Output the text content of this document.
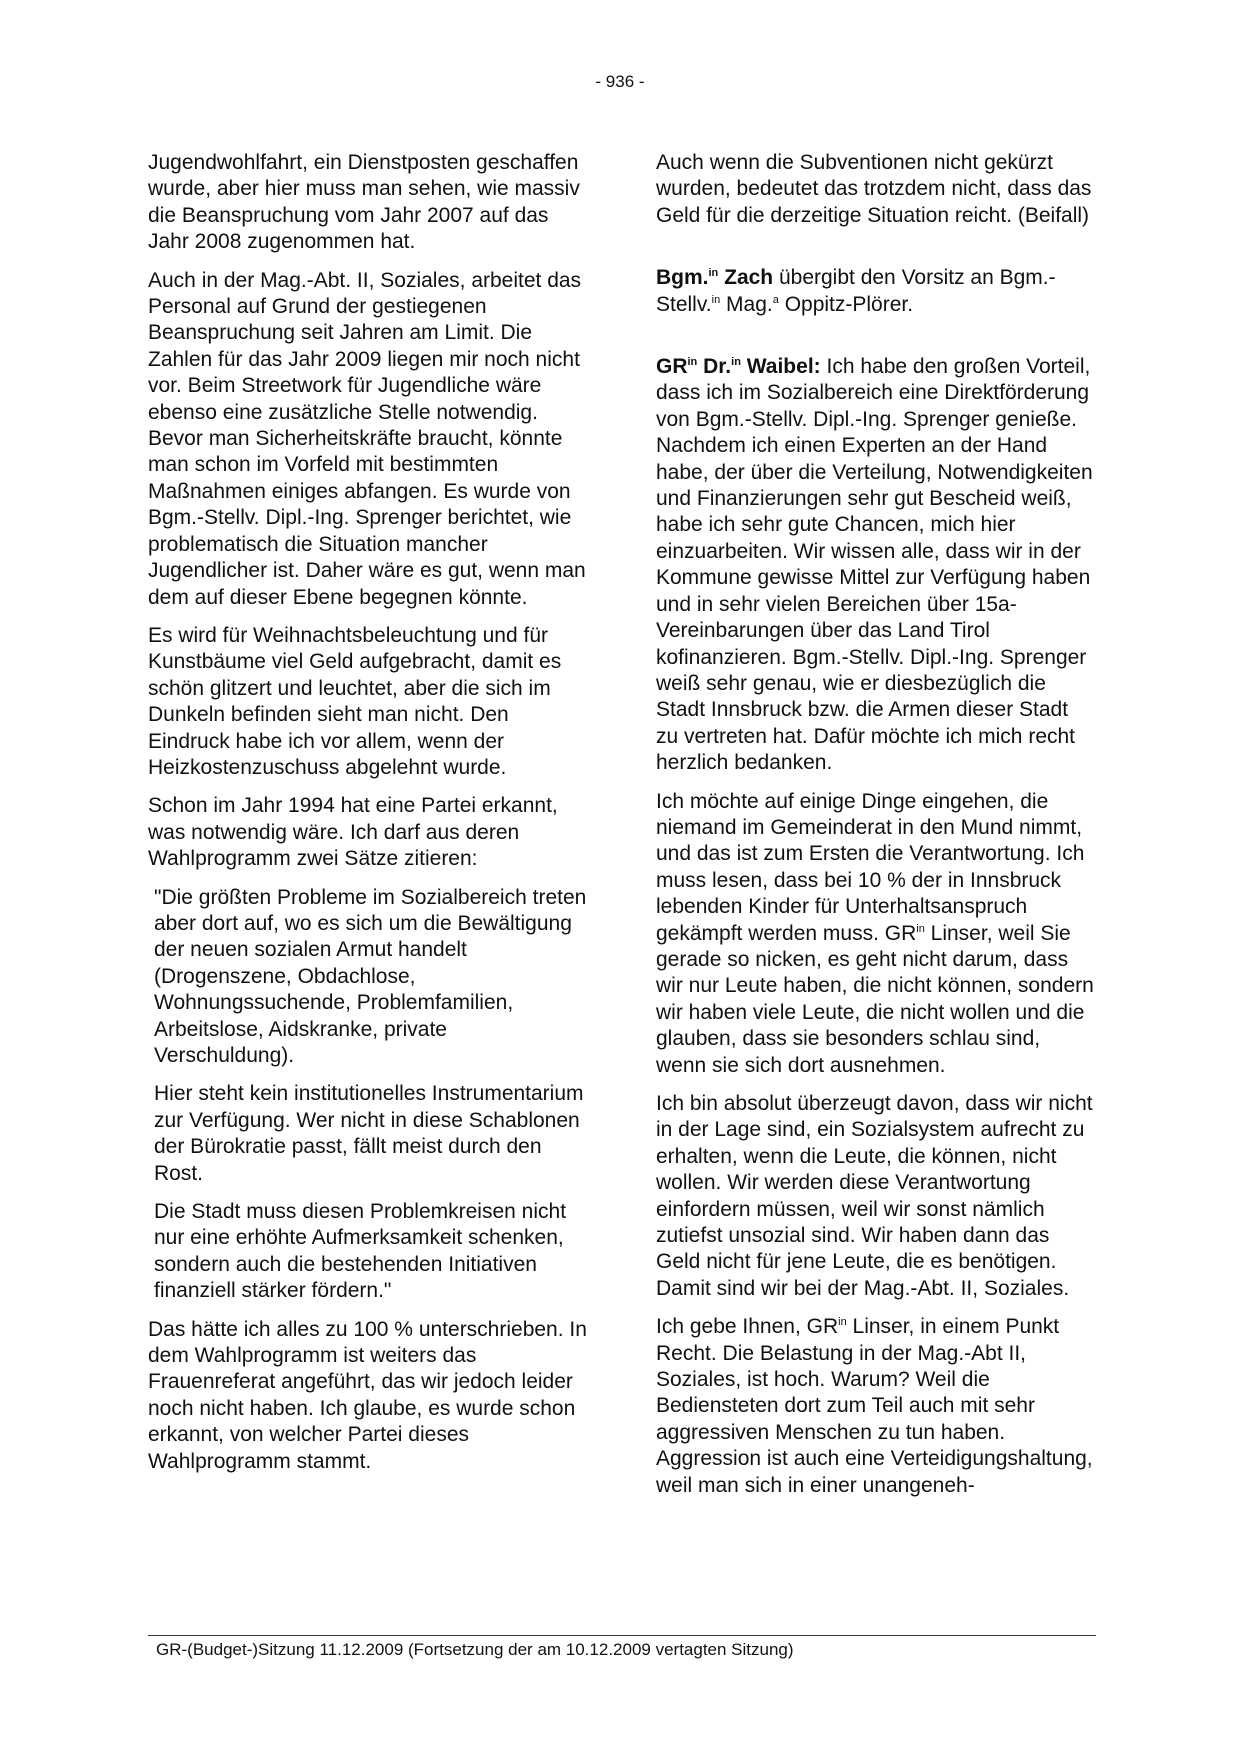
- 936 -

Jugendwohlfahrt, ein Dienstposten geschaffen wurde, aber hier muss man sehen, wie massiv die Beanspruchung vom Jahr 2007 auf das Jahr 2008 zugenommen hat.

Auch in der Mag.-Abt. II, Soziales, arbeitet das Personal auf Grund der gestiegenen Beanspruchung seit Jahren am Limit. Die Zahlen für das Jahr 2009 liegen mir noch nicht vor. Beim Streetwork für Jugendliche wäre ebenso eine zusätzliche Stelle notwendig. Bevor man Sicherheitskräfte braucht, könnte man schon im Vorfeld mit bestimmten Maßnahmen einiges abfangen. Es wurde von Bgm.-Stellv. Dipl.-Ing. Sprenger berichtet, wie problematisch die Situation mancher Jugendlicher ist. Daher wäre es gut, wenn man dem auf dieser Ebene begegnen könnte.

Es wird für Weihnachtsbeleuchtung und für Kunstbäume viel Geld aufgebracht, damit es schön glitzert und leuchtet, aber die sich im Dunkeln befinden sieht man nicht. Den Eindruck habe ich vor allem, wenn der Heizkostenzuschuss abgelehnt wurde.

Schon im Jahr 1994 hat eine Partei erkannt, was notwendig wäre. Ich darf aus deren Wahlprogramm zwei Sätze zitieren:

"Die größten Probleme im Sozialbereich treten aber dort auf, wo es sich um die Bewältigung der neuen sozialen Armut handelt (Drogenszene, Obdachlose, Wohnungssuchende, Problemfamilien, Arbeitslose, Aidskranke, private Verschuldung).

Hier steht kein institutionelles Instrumentarium zur Verfügung. Wer nicht in diese Schablonen der Bürokratie passt, fällt meist durch den Rost.

Die Stadt muss diesen Problemkreisen nicht nur eine erhöhte Aufmerksamkeit schenken, sondern auch die bestehenden Initiativen finanziell stärker fördern."

Das hätte ich alles zu 100 % unterschrieben. In dem Wahlprogramm ist weiters das Frauenreferat angeführt, das wir jedoch leider noch nicht haben. Ich glaube, es wurde schon erkannt, von welcher Partei dieses Wahlprogramm stammt.

Auch wenn die Subventionen nicht gekürzt wurden, bedeutet das trotzdem nicht, dass das Geld für die derzeitige Situation reicht. (Beifall)

Bgm.$^{in}$ Zach übergibt den Vorsitz an Bgm.-Stellv.$^{in}$ Mag.$^a$ Oppitz-Plörer.

$GR^{in}$ Dr.$^{in}$ Waibel: Ich habe den großen Vorteil, dass ich im Sozialbereich eine Direktförderung von Bgm.-Stellv. Dipl.-Ing. Sprenger genieße. Nachdem ich einen Experten an der Hand habe, der über die Verteilung, Notwendigkeiten und Finanzierungen sehr gut Bescheid weiß, habe ich sehr gute Chancen, mich hier einzuarbeiten. Wir wissen alle, dass wir in der Kommune gewisse Mittel zur Verfügung haben und in sehr vielen Bereichen über 15a-Vereinbarungen über das Land Tirol kofinanzieren. Bgm.-Stellv. Dipl.-Ing. Sprenger weiß sehr genau, wie er diesbezüglich die Stadt Innsbruck bzw. die Armen dieser Stadt zu vertreten hat. Dafür möchte ich mich recht herzlich bedanken.

Ich möchte auf einige Dinge eingehen, die niemand im Gemeinderat in den Mund nimmt, und das ist zum Ersten die Verantwortung. Ich muss lesen, dass bei 10 % der in Innsbruck lebenden Kinder für Unterhaltsanspruch gekämpft werden muss. $GR^{in}$ Linser, weil Sie gerade so nicken, es geht nicht darum, dass wir nur Leute haben, die nicht können, sondern wir haben viele Leute, die nicht wollen und die glauben, dass sie besonders schlau sind, wenn sie sich dort ausnehmen.

Ich bin absolut überzeugt davon, dass wir nicht in der Lage sind, ein Sozialsystem aufrecht zu erhalten, wenn die Leute, die können, nicht wollen. Wir werden diese Verantwortung einfordern müssen, weil wir sonst nämlich zutiefst unsozial sind. Wir haben dann das Geld nicht für jene Leute, die es benötigen. Damit sind wir bei der Mag.-Abt. II, Soziales.

Ich gebe Ihnen, $GR^{in}$ Linser, in einem Punkt Recht. Die Belastung in der Mag.-Abt II, Soziales, ist hoch. Warum? Weil die Bediensteten dort zum Teil auch mit sehr aggressiven Menschen zu tun haben. Aggression ist auch eine Verteidigungshaltung, weil man sich in einer unangeneh-

GR-(Budget-)Sitzung 11.12.2009 (Fortsetzung der am 10.12.2009 vertagten Sitzung)
